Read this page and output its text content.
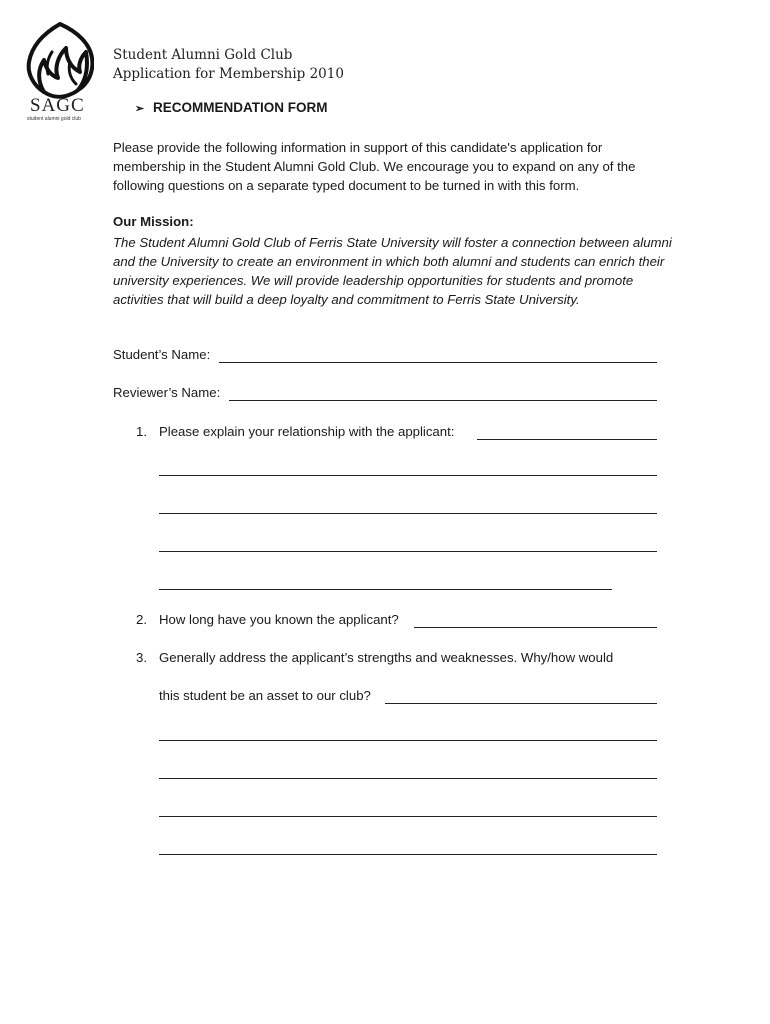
SAGC
student alumni gold club
Student Alumni Gold Club
Application for Membership 2010
➢ RECOMMENDATION FORM
Please provide the following information in support of this candidate's application for membership in the Student Alumni Gold Club. We encourage you to expand on any of the following questions on a separate typed document to be turned in with this form.
Our Mission:
The Student Alumni Gold Club of Ferris State University will foster a connection between alumni and the University to create an environment in which both alumni and students can enrich their university experiences. We will provide leadership opportunities for students and promote activities that will build a deep loyalty and commitment to Ferris State University.
Student’s Name:
Reviewer’s Name:
1. Please explain your relationship with the applicant:
2. How long have you known the applicant?
3. Generally address the applicant’s strengths and weaknesses. Why/how would
this student be an asset to our club?
